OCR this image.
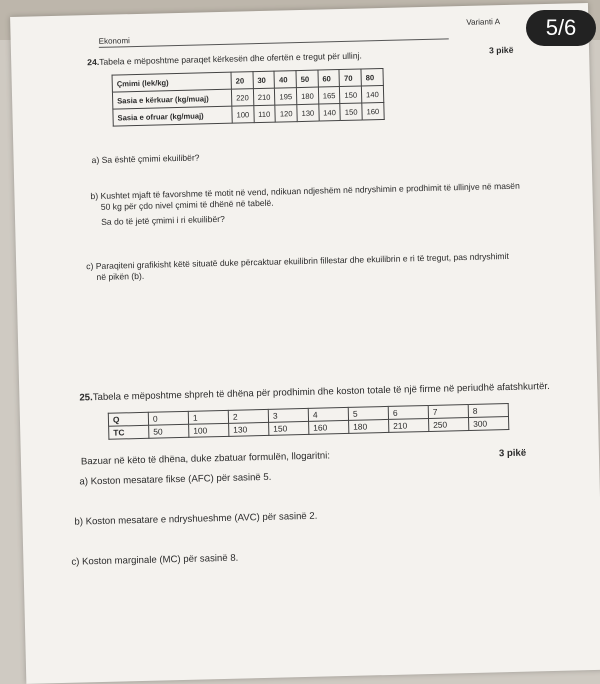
Ekonomi
Varianti A
24.Tabela e mëposhtme paraqet kërkesën dhe ofertën e tregut për ullinj.
3 pikë
Çmimi (lek/kg)	20	30	40	50	60	70	80
Sasia e kërkuar (kg/muaj)	220	210	195	180	165	150	140
Sasia e ofruar (kg/muaj)	100	110	120	130	140	150	160
a) Sa është çmimi ekuilibër?
b) Kushtet mjaft të favorshme të motit në vend, ndikuan ndjeshëm në ndryshimin e prodhimit të ullinjve në masën
50 kg për çdo nivel çmimi të dhënë në tabelë.
Sa do të jetë çmimi i ri ekuilibër?
c) Paraqiteni grafikisht këtë situatë duke përcaktuar ekuilibrin fillestar dhe ekuilibrin e ri të tregut, pas ndryshimit
në pikën (b).
25.Tabela e mëposhtme shpreh të dhëna për prodhimin dhe koston totale të një firme në periudhë afatshkurtër.
Q	0	1	2	3	4	5	6	7	8
TC	50	100	130	150	160	180	210	250	300
Bazuar në këto të dhëna, duke zbatuar formulën, llogaritni:	3 pikë
a) Koston mesatare fikse (AFC) për sasinë 5.
b) Koston mesatare e ndryshueshme (AVC) për sasinë 2.
c) Koston marginale (MC) për sasinë 8.
5/6
